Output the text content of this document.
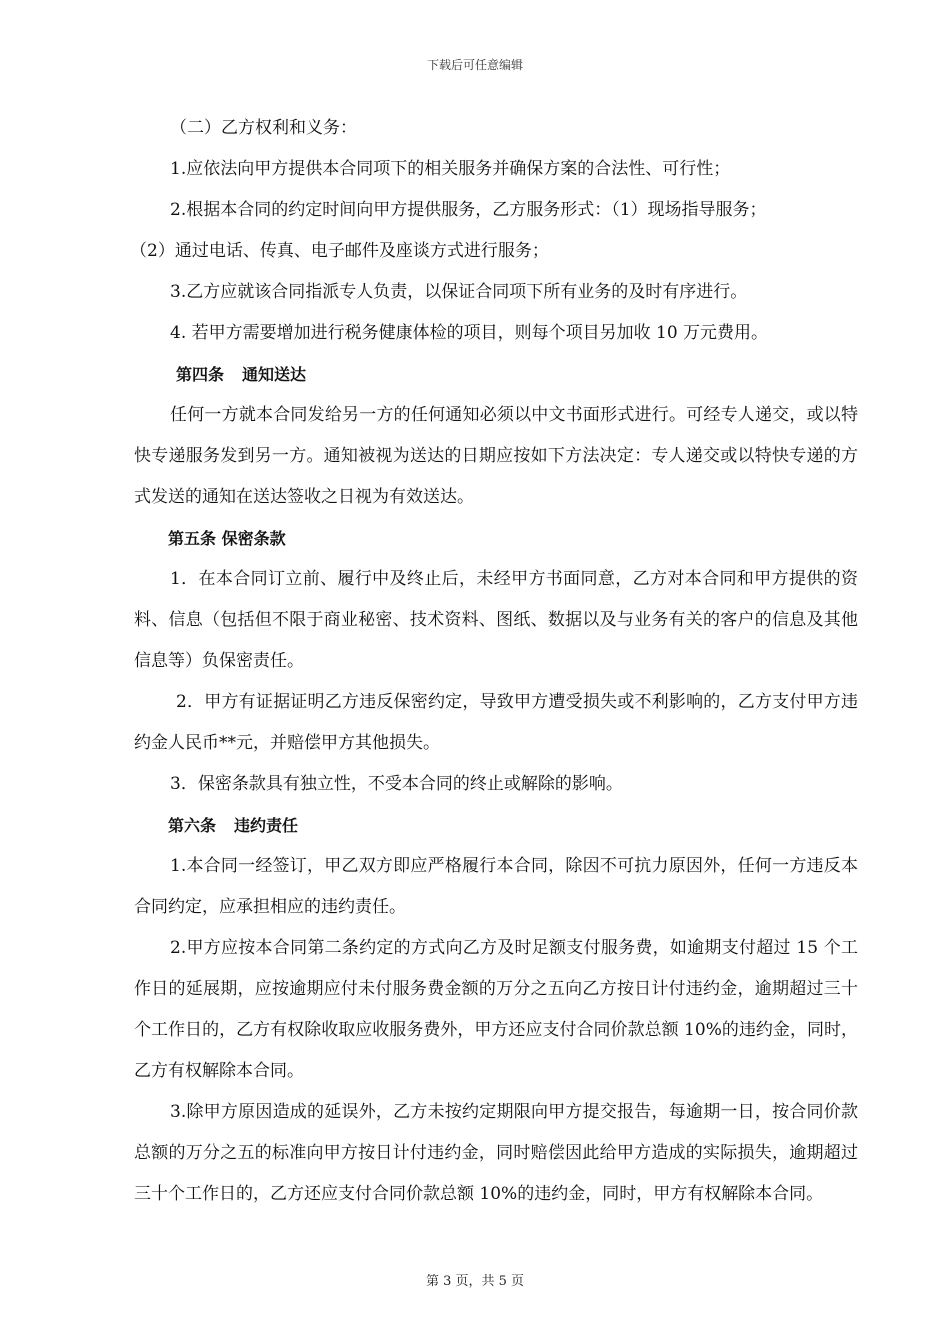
下载后可任意编辑

（二）乙方权利和义务：

1.应依法向甲方提供本合同项下的相关服务并确保方案的合法性、可行性；

2.根据本合同的约定时间向甲方提供服务，乙方服务形式：（1）现场指导服务；

（2）通过电话、传真、电子邮件及座谈方式进行服务；

3.乙方应就该合同指派专人负责，以保证合同项下所有业务的及时有序进行。

4. 若甲方需要增加进行税务健康体检的项目，则每个项目另加收 10 万元费用。

第四条 通知送达

任何一方就本合同发给另一方的任何通知必须以中文书面形式进行。可经专人递交，或以特快专递服务发到另一方。通知被视为送达的日期应按如下方法决定：专人递交或以特快专递的方式发送的通知在送达签收之日视为有效送达。

第五条 保密条款

1．在本合同订立前、履行中及终止后，未经甲方书面同意，乙方对本合同和甲方提供的资料、信息（包括但不限于商业秘密、技术资料、图纸、数据以及与业务有关的客户的信息及其他信息等）负保密责任。

2．甲方有证据证明乙方违反保密约定，导致甲方遭受损失或不利影响的，乙方支付甲方违约金人民币**元，并赔偿甲方其他损失。

3．保密条款具有独立性，不受本合同的终止或解除的影响。

第六条 违约责任

1.本合同一经签订，甲乙双方即应严格履行本合同，除因不可抗力原因外，任何一方违反本合同约定，应承担相应的违约责任。

2.甲方应按本合同第二条约定的方式向乙方及时足额支付服务费，如逾期支付超过 15 个工作日的延展期，应按逾期应付未付服务费金额的万分之五向乙方按日计付违约金，逾期超过三十个工作日的，乙方有权除收取应收服务费外，甲方还应支付合同价款总额 10%的违约金，同时，乙方有权解除本合同。

3.除甲方原因造成的延误外，乙方未按约定期限向甲方提交报告，每逾期一日，按合同价款总额的万分之五的标准向甲方按日计付违约金，同时赔偿因此给甲方造成的实际损失，逾期超过三十个工作日的，乙方还应支付合同价款总额 10%的违约金，同时，甲方有权解除本合同。

第 3 页，共 5 页
